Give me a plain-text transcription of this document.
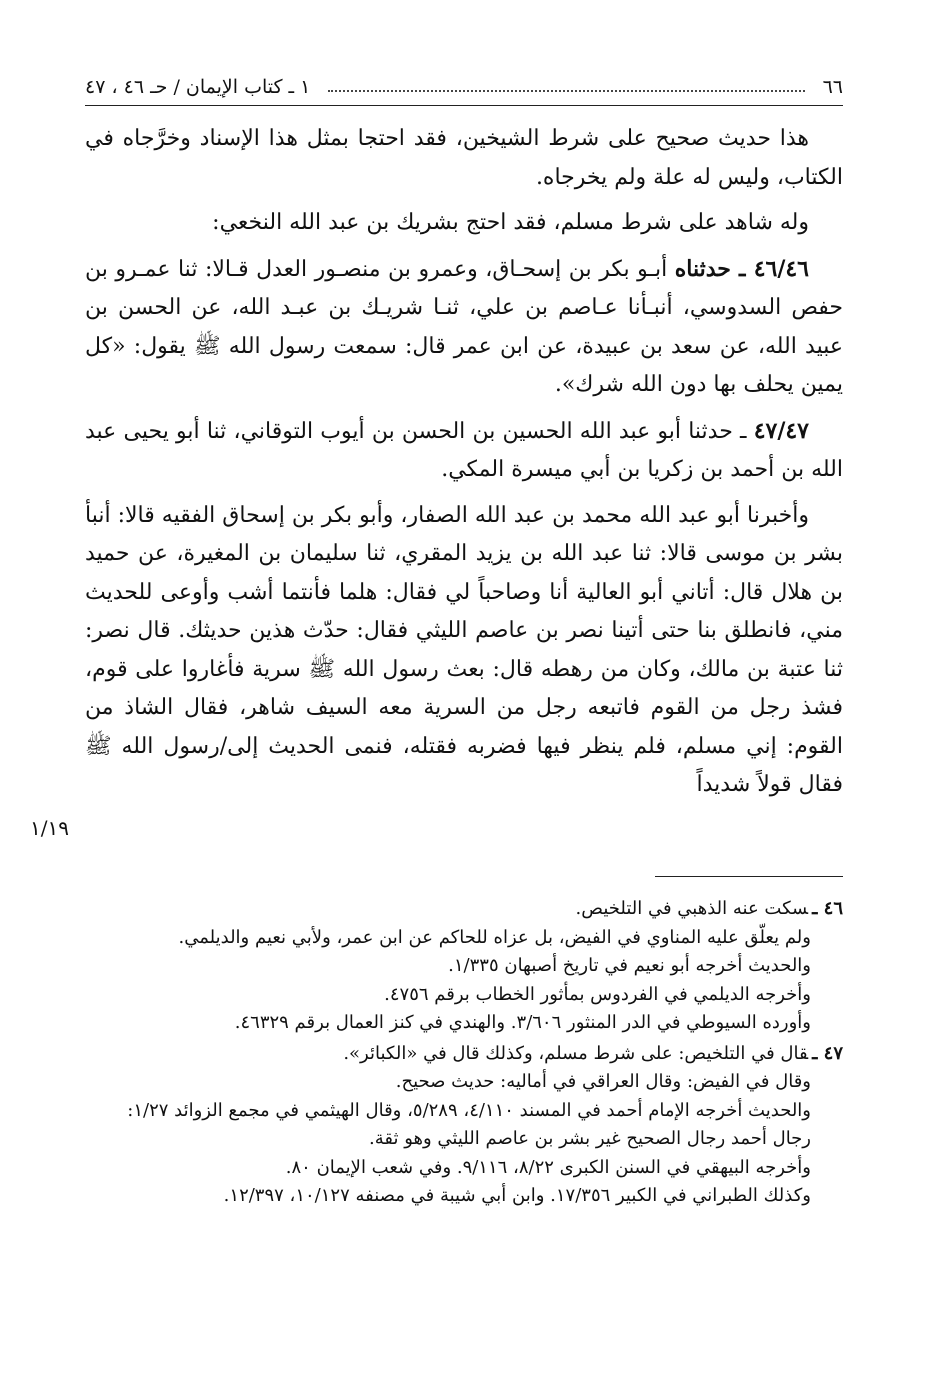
٦٦
١ ـ كتاب الإيمان / حـ ٤٦ ، ٤٧

هذا حديث صحيح على شرط الشيخين، فقد احتجا بمثل هذا الإسناد وخرَّجاه في الكتاب، وليس له علة ولم يخرجاه.

وله شاهد على شرط مسلم، فقد احتج بشريك بن عبد الله النخعي:

٤٦/٤٦ ـ حدثناه أبـو بكر بن إسحـاق، وعمرو بن منصـور العدل قـالا: ثنا عمـرو بن حفص السدوسي، أنبـأنا عـاصم بن علي، ثنـا شريـك بن عبـد الله، عن الحسن بن عبيد الله، عن سعد بن عبيدة، عن ابن عمر قال: سمعت رسول الله ﷺ يقول: «كل يمين يحلف بها دون الله شرك».

٤٧/٤٧ ـ حدثنا أبو عبد الله الحسين بن الحسن بن أيوب التوقاني، ثنا أبو يحيى عبد الله بن أحمد بن زكريا بن أبي ميسرة المكي.

وأخبرنا أبو عبد الله محمد بن عبد الله الصفار، وأبو بكر بن إسحاق الفقيه قالا: أنبأ بشر بن موسى قالا: ثنا عبد الله بن يزيد المقري، ثنا سليمان بن المغيرة، عن حميد بن هلال قال: أتاني أبو العالية أنا وصاحباً لي فقال: هلما فأنتما أشب وأوعى للحديث مني، فانطلق بنا حتى أتينا نصر بن عاصم الليثي فقال: حدّث هذين حديثك. قال نصر: ثنا عتبة بن مالك، وكان من رهطه قال: بعث رسول الله ﷺ سرية فأغاروا على قوم، فشذ رجل من القوم فاتبعه رجل من السرية معه السيف شاهر، فقال الشاذ من القوم: إني مسلم، فلم ينظر فيها فضربه فقتله، فنمى الحديث إلى/رسول الله ﷺ فقال قولاً شديداً

١/١٩
٤٦ ـسكت عنه الذهبي في التلخيص.
ولم يعلّق عليه المناوي في الفيض، بل عزاه للحاكم عن ابن عمر، ولأبي نعيم والديلمي.
والحديث أخرجه أبو نعيم في تاريخ أصبهان ١/٣٣٥.
وأخرجه الديلمي في الفردوس بمأثور الخطاب برقم ٤٧٥٦.
وأورده السيوطي في الدر المنثور ٣/٦٠٦. والهندي في كنز العمال برقم ٤٦٣٢٩.
٤٧ ـقال في التلخيص: على شرط مسلم، وكذلك قال في «الكبائر».
وقال في الفيض: وقال العراقي في أماليه: حديث صحيح.
والحديث أخرجه الإمام أحمد في المسند ٤/١١٠، ٥/٢٨٩، وقال الهيثمي في مجمع الزوائد ١/٢٧: رجال أحمد رجال الصحيح غير بشر بن عاصم الليثي وهو ثقة.
وأخرجه البيهقي في السنن الكبرى ٨/٢٢، ٩/١١٦. وفي شعب الإيمان ٨٠.
وكذلك الطبراني في الكبير ١٧/٣٥٦. وابن أبي شيبة في مصنفه ١٠/١٢٧، ١٢/٣٩٧.
